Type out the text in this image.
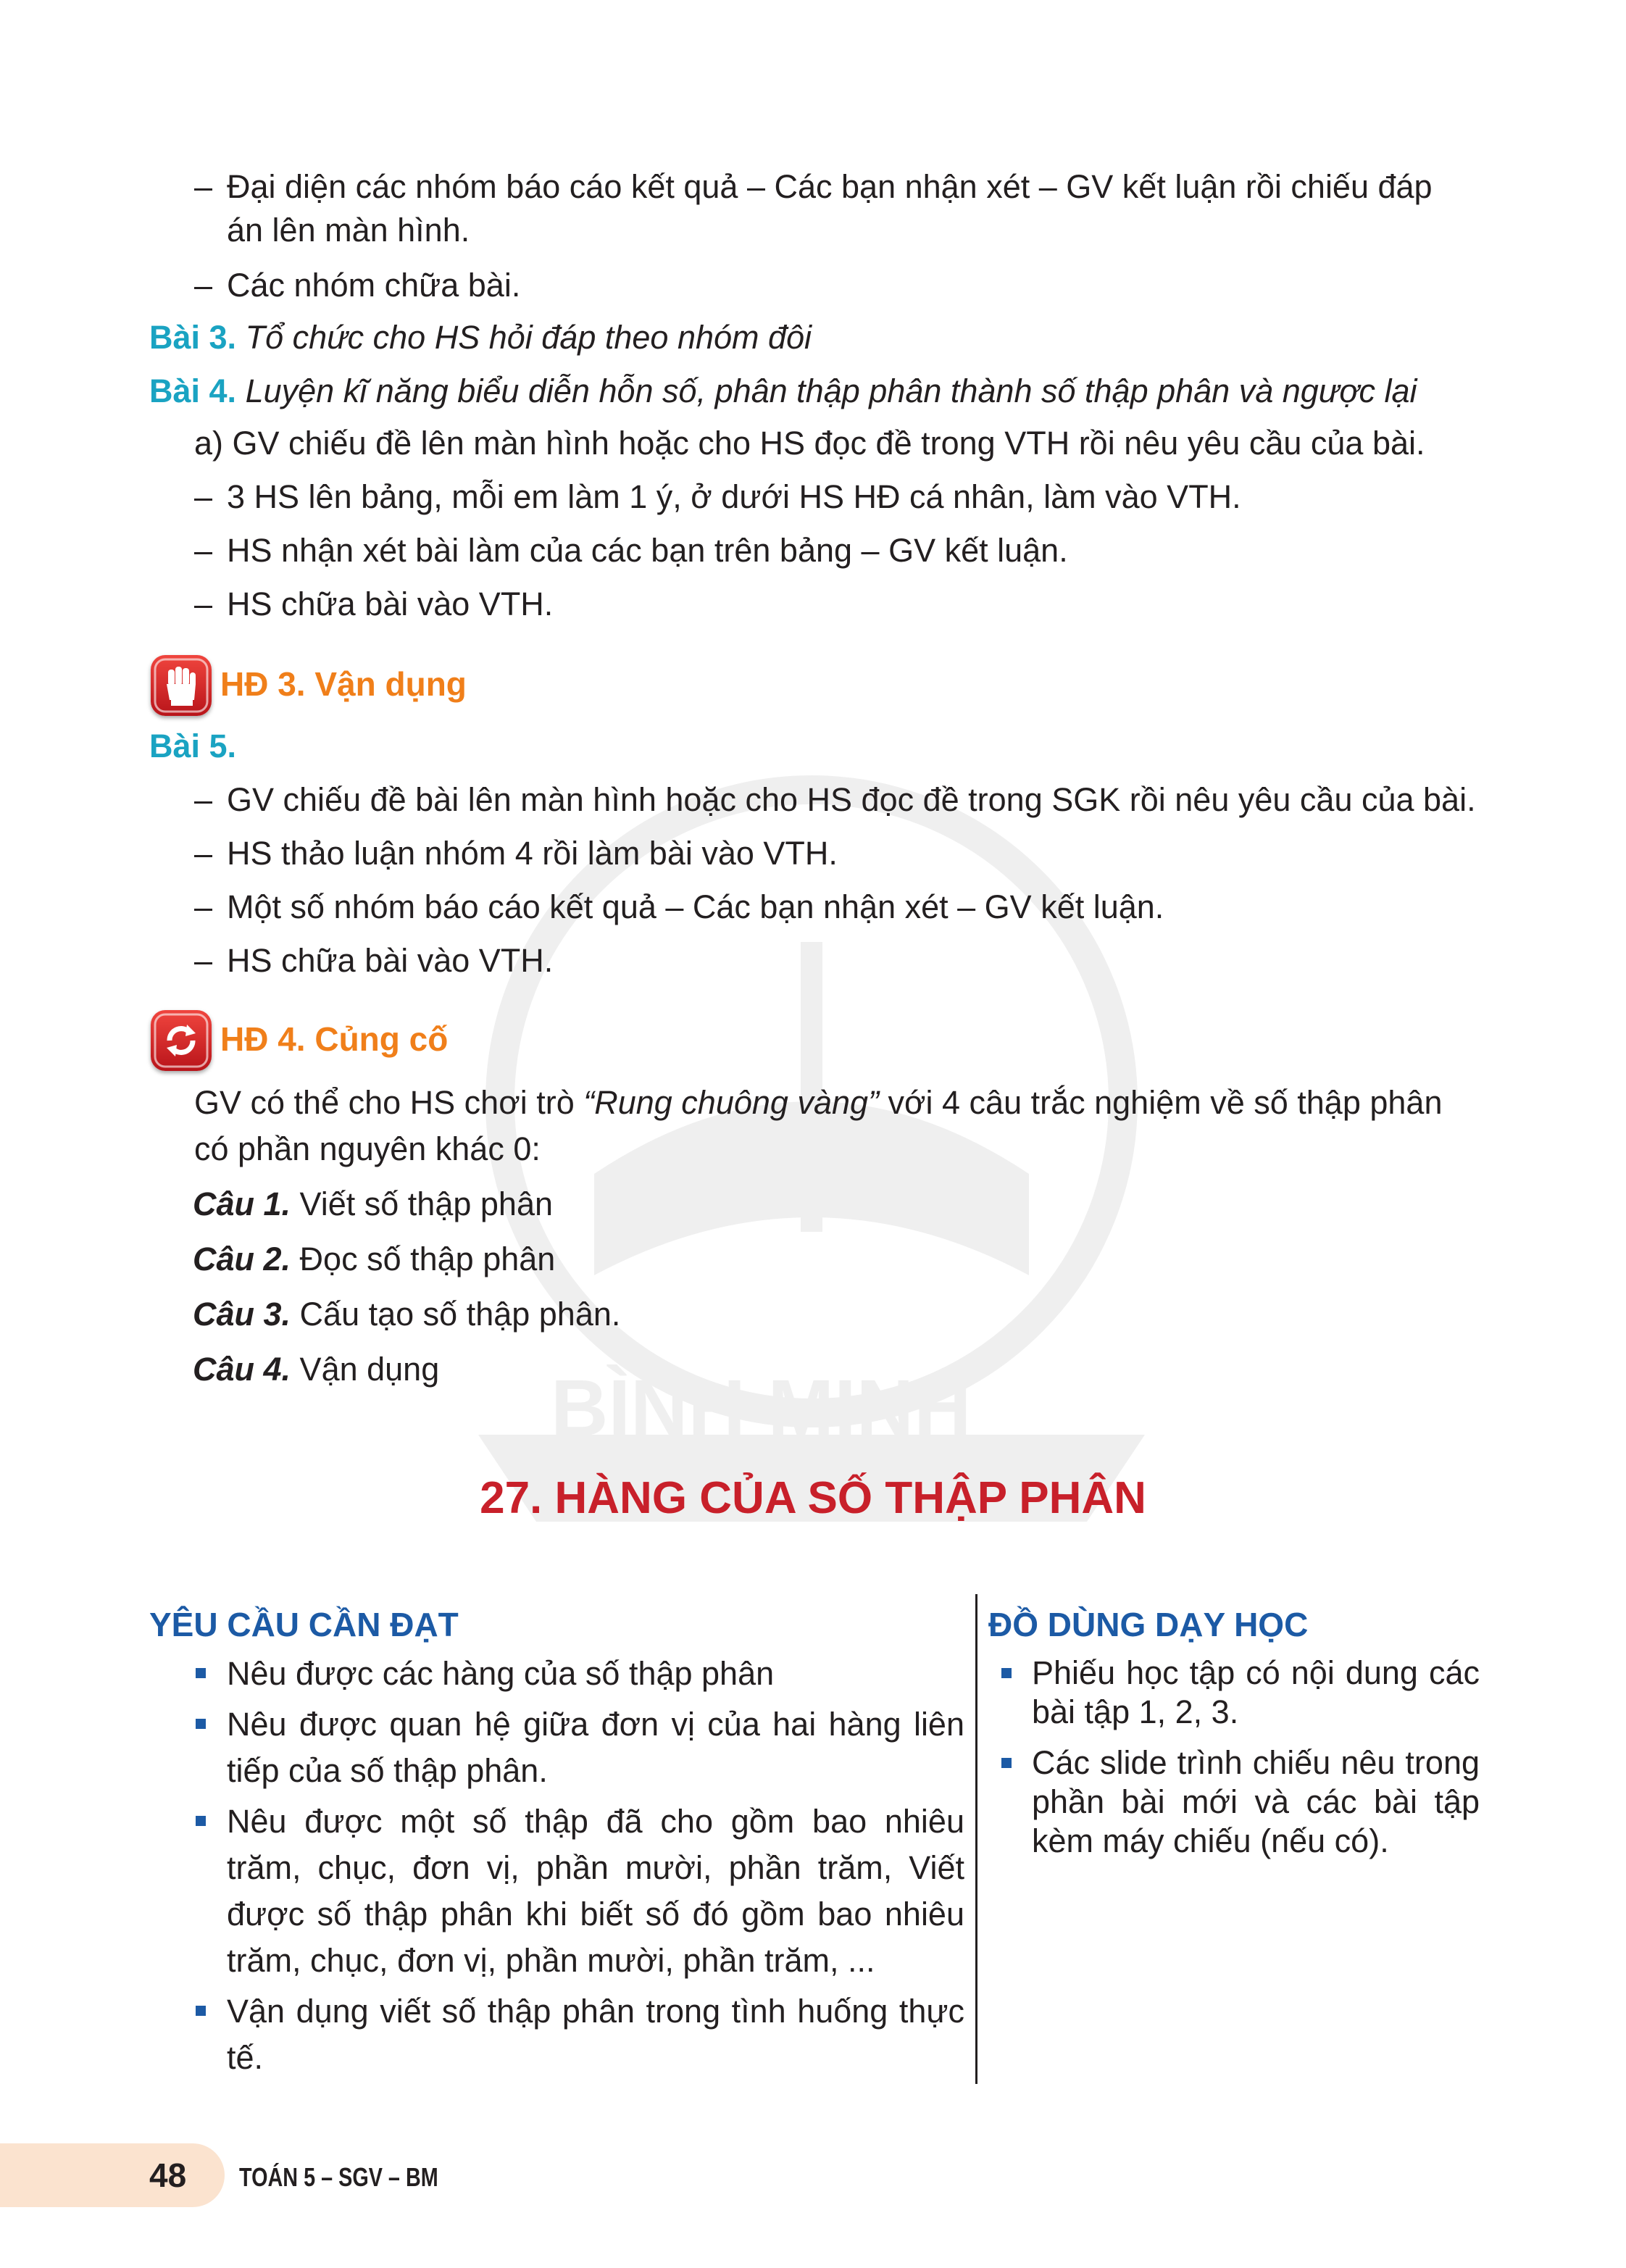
BÌNH MINH
– Đại diện các nhóm báo cáo kết quả – Các bạn nhận xét – GV kết luận rồi chiếu đáp
án lên màn hình.
– Các nhóm chữa bài.
Bài 3. Tổ chức cho HS hỏi đáp theo nhóm đôi
Bài 4. Luyện kĩ năng biểu diễn hỗn số, phân thập phân thành số thập phân và ngược lại
a) GV chiếu đề lên màn hình hoặc cho HS đọc đề trong VTH rồi nêu yêu cầu của bài.
– 3 HS lên bảng, mỗi em làm 1 ý, ở dưới HS HĐ cá nhân, làm vào VTH.
– HS nhận xét bài làm của các bạn trên bảng – GV kết luận.
– HS chữa bài vào VTH.
HĐ 3. Vận dụng
Bài 5.
– GV chiếu đề bài lên màn hình hoặc cho HS đọc đề trong SGK rồi nêu yêu cầu của bài.
– HS thảo luận nhóm 4 rồi làm bài vào VTH.
– Một số nhóm báo cáo kết quả – Các bạn nhận xét – GV kết luận.
– HS chữa bài vào VTH.
HĐ 4. Củng cố
GV có thể cho HS chơi trò “Rung chuông vàng” với 4 câu trắc nghiệm về số thập phân
có phần nguyên khác 0:
Câu 1. Viết số thập phân
Câu 2. Đọc số thập phân
Câu 3. Cấu tạo số thập phân.
Câu 4. Vận dụng
27. HÀNG CỦA SỐ THẬP PHÂN
YÊU CẦU CẦN ĐẠT
Nêu được các hàng của số thập phân
Nêu được quan hệ giữa đơn vị của hai hàng liên tiếp của số thập phân.
Nêu được một số thập đã cho gồm bao nhiêu trăm, chục, đơn vị, phần mười, phần trăm, Viết được số thập phân khi biết số đó gồm bao nhiêu trăm, chục, đơn vị, phần mười, phần trăm, ...
Vận dụng viết số thập phân trong tình huống thực tế.
ĐỒ DÙNG DẠY HỌC
Phiếu học tập có nội dung các bài tập 1, 2, 3.
Các slide trình chiếu nêu trong phần bài mới và các bài tập kèm máy chiếu (nếu có).
48 TOÁN 5 – SGV – BM
